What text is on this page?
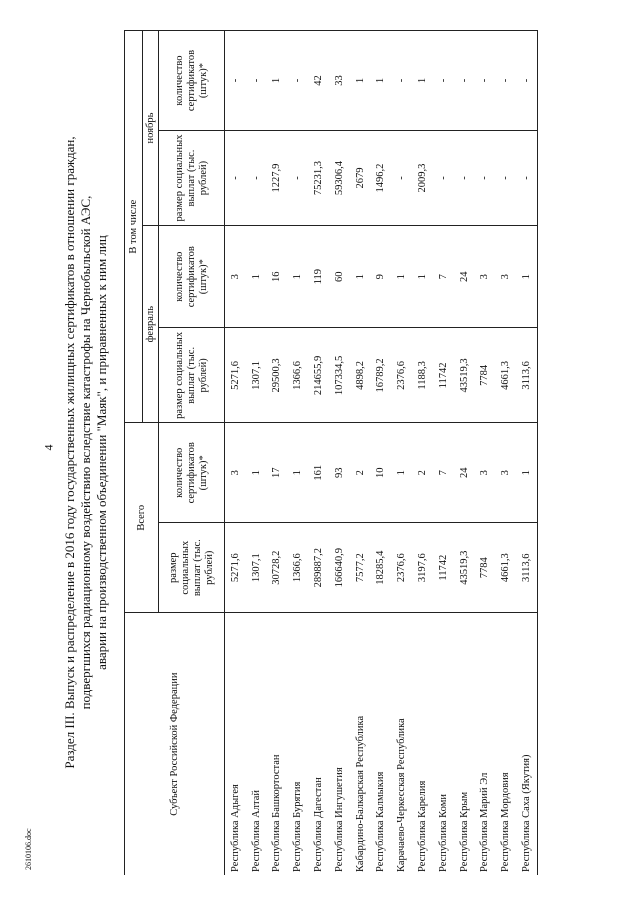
4 Раздел III. Выпуск и распределение в 2016 году государственных жилищных сертификатов в отношении граждан, подвергшихся радиационному воздействию вследствие катастрофы на Чернобыльской АЭС, аварии на производственном объединении "Маяк", и приравненных к ним лиц
Субъект Российской Федерации	Всего		В том числе			
			февраль		ноябрь	
	размер социальных выплат (тыс. рублей)	количество сертификатов (штук)*	размер социальных выплат (тыс. рублей)	количество сертификатов (штук)*	размер социальных выплат (тыс. рублей)	количество сертификатов (штук)*
Республика Адыгея	5271,6	3	5271,6	3	-	-
Республика Алтай	1307,1	1	1307,1	1	-	-
Республика Башкортостан	30728,2	17	29500,3	16	1227,9	1
Республика Бурятия	1366,6	1	1366,6	1	-	-
Республика Дагестан	289887,2	161	214655,9	119	75231,3	42
Республика Ингушетия	166640,9	93	107334,5	60	59306,4	33
Кабардино-Балкарская Республика	7577,2	2	4898,2	1	2679	1
Республика Калмыкия	18285,4	10	16789,2	9	1496,2	1
Карачаево-Черкесская Республика	2376,6	1	2376,6	1	-	-
Республика Карелия	3197,6	2	1188,3	1	2009,3	1
Республика Коми	11742	7	11742	7	-	-
Республика Крым	43519,3	24	43519,3	24	-	-
Республика Марий Эл	7784	3	7784	3	-	-
Республика Мордовия	4661,3	3	4661,3	3	-	-
Республика Саха (Якутия)	3113,6	1	3113,6	1	-	-
2610106.doc
